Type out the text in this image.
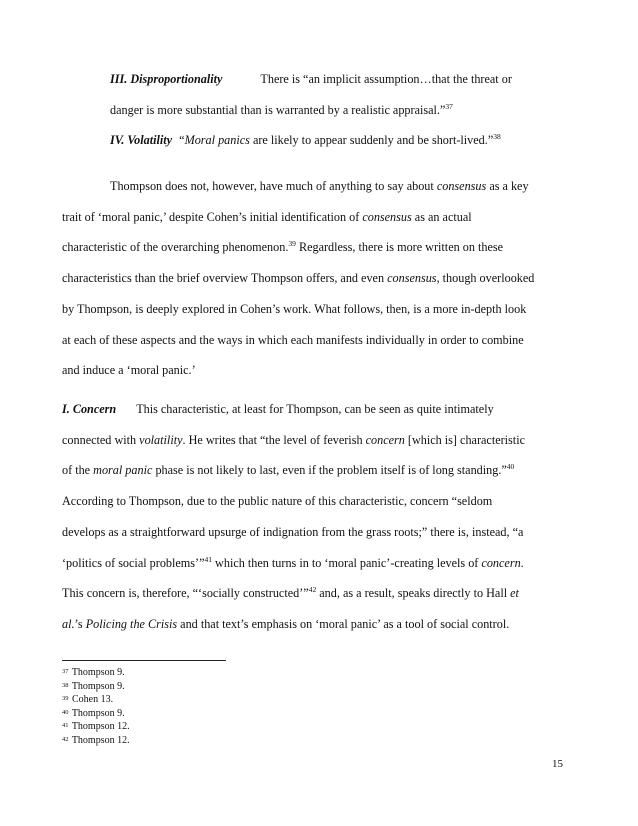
III. Disproportionality	There is “an implicit assumption…that the threat or
danger is more substantial than is warranted by a realistic appraisal.”$^{37}$
IV. Volatility “Moral panics are likely to appear suddenly and be short-lived.”$^{38}$
Thompson does not, however, have much of anything to say about consensus as a key
trait of ‘moral panic,’ despite Cohen’s initial identification of consensus as an actual
characteristic of the overarching phenomenon.$^{39}$ Regardless, there is more written on these
characteristics than the brief overview Thompson offers, and even consensus, though overlooked
by Thompson, is deeply explored in Cohen’s work. What follows, then, is a more in-depth look
at each of these aspects and the ways in which each manifests individually in order to combine
and induce a ‘moral panic.’
I. Concern This characteristic, at least for Thompson, can be seen as quite intimately
connected with volatility. He writes that “the level of feverish concern [which is] characteristic
of the moral panic phase is not likely to last, even if the problem itself is of long standing.”$^{40}$
According to Thompson, due to the public nature of this characteristic, concern “seldom
develops as a straightforward upsurge of indignation from the grass roots;” there is, instead, “a
‘politics of social problems’”$^{41}$ which then turns in to ‘moral panic’-creating levels of concern.
This concern is, therefore, “‘socially constructed’”$^{42}$ and, as a result, speaks directly to Hall et
al.’s Policing the Crisis and that text’s emphasis on ‘moral panic’ as a tool of social control.
$^{37}$ Thompson 9.
$^{38}$ Thompson 9.
$^{39}$ Cohen 13.
$^{40}$ Thompson 9.
$^{41}$ Thompson 12.
$^{42}$ Thompson 12.
15
